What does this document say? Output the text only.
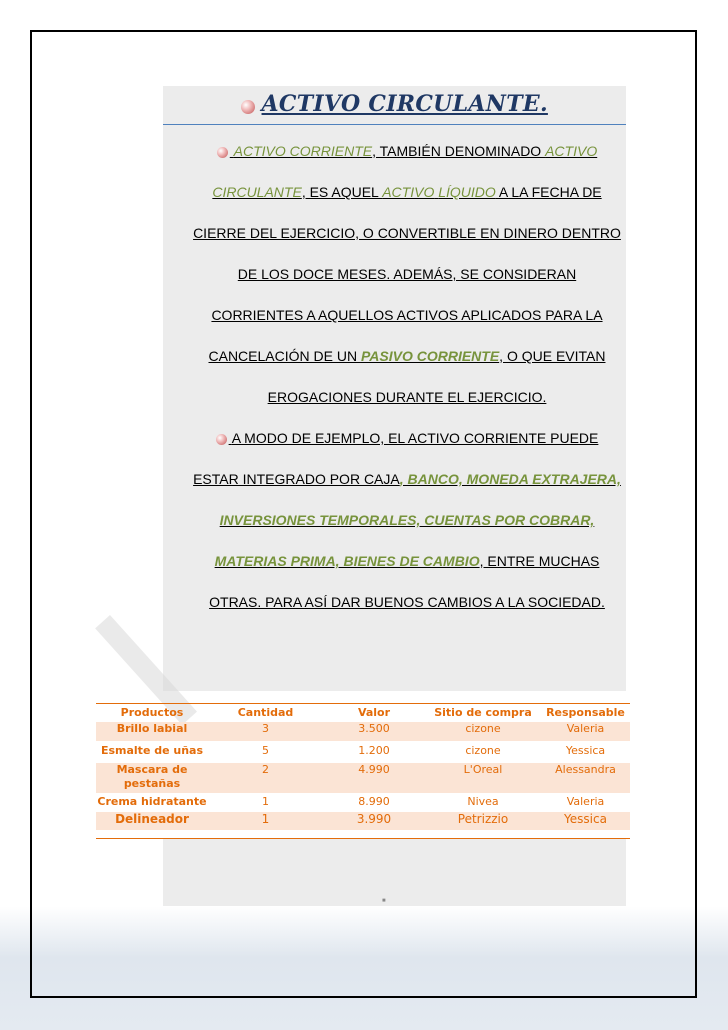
ACTIVO CIRCULANTE.

ACTIVO CORRIENTE, TAMBIÉN DENOMINADO ACTIVO CIRCULANTE, ES AQUEL ACTIVO LÍQUIDO A LA FECHA DE CIERRE DEL EJERCICIO, O CONVERTIBLE EN DINERO DENTRO DE LOS DOCE MESES. ADEMÁS, SE CONSIDERAN CORRIENTES A AQUELLOS ACTIVOS APLICADOS PARA LA CANCELACIÓN DE UN PASIVO CORRIENTE, O QUE EVITAN EROGACIONES DURANTE EL EJERCICIO.

A MODO DE EJEMPLO, EL ACTIVO CORRIENTE PUEDE ESTAR INTEGRADO POR CAJA, BANCO, MONEDA EXTRAJERA, INVERSIONES TEMPORALES, CUENTAS POR COBRAR, MATERIAS PRIMA, BIENES DE CAMBIO, ENTRE MUCHAS OTRAS. PARA ASÍ DAR BUENOS CAMBIOS A LA SOCIEDAD.

Productos	Cantidad	Valor	Sitio de compra	Responsable
Brillo labial	3	3.500	cizone	Valeria
Esmalte de uñas	5	1.200	cizone	Yessica
Mascara de pestañas	2	4.990	L'Oreal	Alessandra
Crema hidratante	1	8.990	Nivea	Valeria
Delineador	1	3.990	Petrizzio	Yessica
■
